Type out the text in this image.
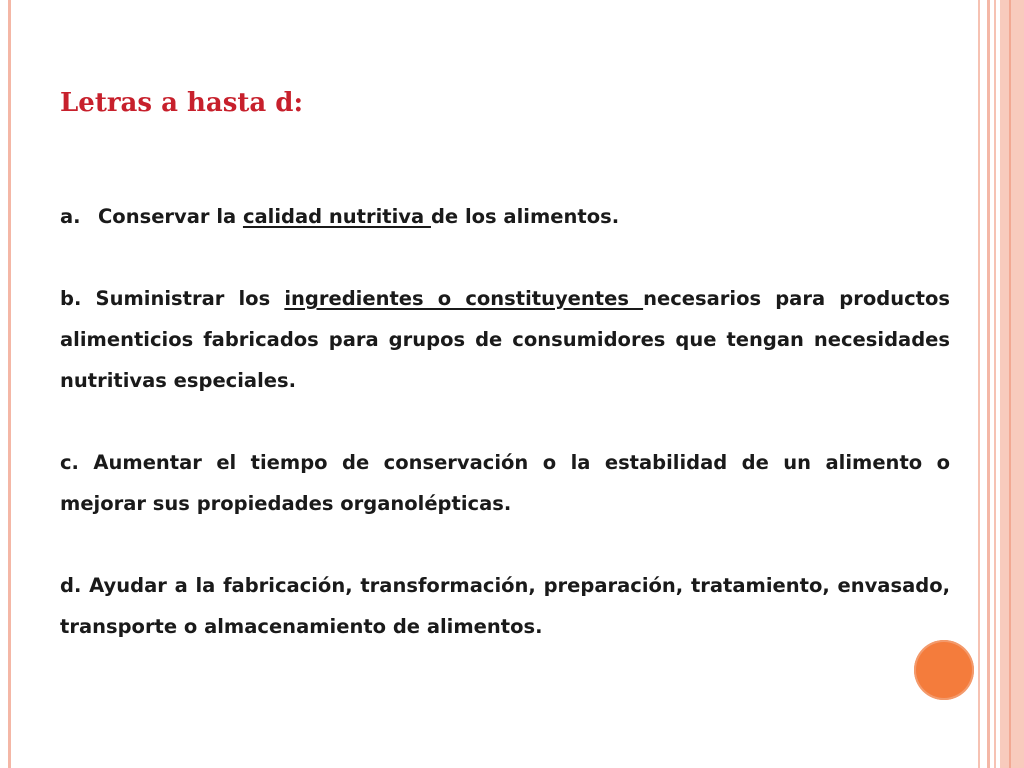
Letras a hasta d:

a. Conservar la calidad nutritiva de los alimentos.

b. Suministrar los ingredientes o constituyentes necesarios para productos alimenticios fabricados para grupos de consumidores que tengan necesidades nutritivas especiales.

c. Aumentar el tiempo de conservación o la estabilidad de un alimento o mejorar sus propiedades organolépticas.

d. Ayudar a la fabricación, transformación, preparación, tratamiento, envasado, transporte o almacenamiento de alimentos.
